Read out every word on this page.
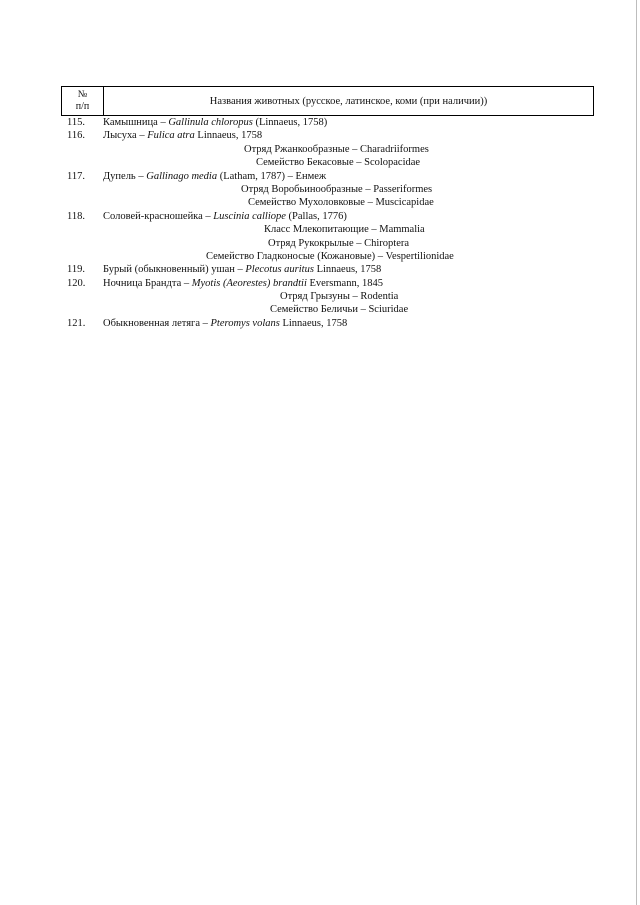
№
п/п	Названия животных (русское, латинское, коми (при наличии))
115. Камышница – Gallinula chloropus (Linnaeus, 1758)
116. Лысуха – Fulica atra Linnaeus, 1758
Отряд Ржанкообразные – Charadriiformes
Семейство Бекасовые – Scolopacidae
117. Дупель – Gallinago media (Latham, 1787) – Енмеж
Отряд Воробьинообразные – Passeriformes
Семейство Мухоловковые – Muscicapidae
118. Соловей-красношейка – Luscinia calliope (Pallas, 1776)
Класс Млекопитающие – Mammalia
Отряд Рукокрылые – Chiroptera
Семейство Гладконосые (Кожановые) – Vespertilionidae
119. Бурый (обыкновенный) ушан – Plecotus auritus Linnaeus, 1758
120. Ночница Брандта – Myotis (Aeorestes) brandtii Eversmann, 1845
Отряд Грызуны – Rodentia
Семейство Беличьи – Sciuridae
121. Обыкновенная летяга – Pteromys volans Linnaeus, 1758
